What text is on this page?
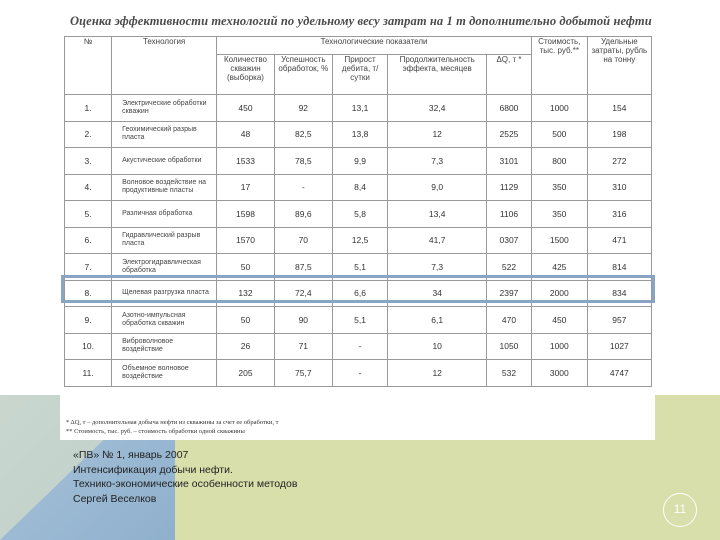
Оценка эффективности технологий по удельному весу затрат на 1 т дополнительно добытой нефти
№	Технология	Технологические показатели					Стоимость, тыс. руб.**	Удельные затраты, рубль на тонну
		Количество скважин (выборка)	Успешность обработок, %	Прирост дебита, т/сутки	Продолжительность эффекта, месяцев	ΔQ, т *		
1.	Электрические обработки скважин	450	92	13,1	32,4	6800	1000	154
2.	Геохимический разрыв пласта	48	82,5	13,8	12	2525	500	198
3.	Акустические обработки	1533	78,5	9,9	7,3	3101	800	272
4.	Волновое воздействие на продуктивные пласты	17	-	8,4	9,0	1129	350	310
5.	Различная обработка	1598	89,6	5,8	13,4	1106	350	316
6.	Гидравлический разрыв пласта	1570	70	12,5	41,7	0307	1500	471
7.	Электрогидравлическая обработка	50	87,5	5,1	7,3	522	425	814
8.	Щелевая разгрузка пласта	132	72,4	6,6	34	2397	2000	834
9.	Азотно-импульсная обработка скважин	50	90	5,1	6,1	470	450	957
10.	Виброволновое воздействие	26	71	-	10	1050	1000	1027
11.	Объемное волновое воздействие	205	75,7	-	12	532	3000	4747
* ΔQ, т – дополнительная добыча нефти из скважины за счет ее обработки, т
** Стоимость, тыс. руб. – стоимость обработки одной скважины
«ПВ» № 1, январь 2007
Интенсификация добычи нефти.
Технико-экономические особенности методов
Сергей Веселков
11
